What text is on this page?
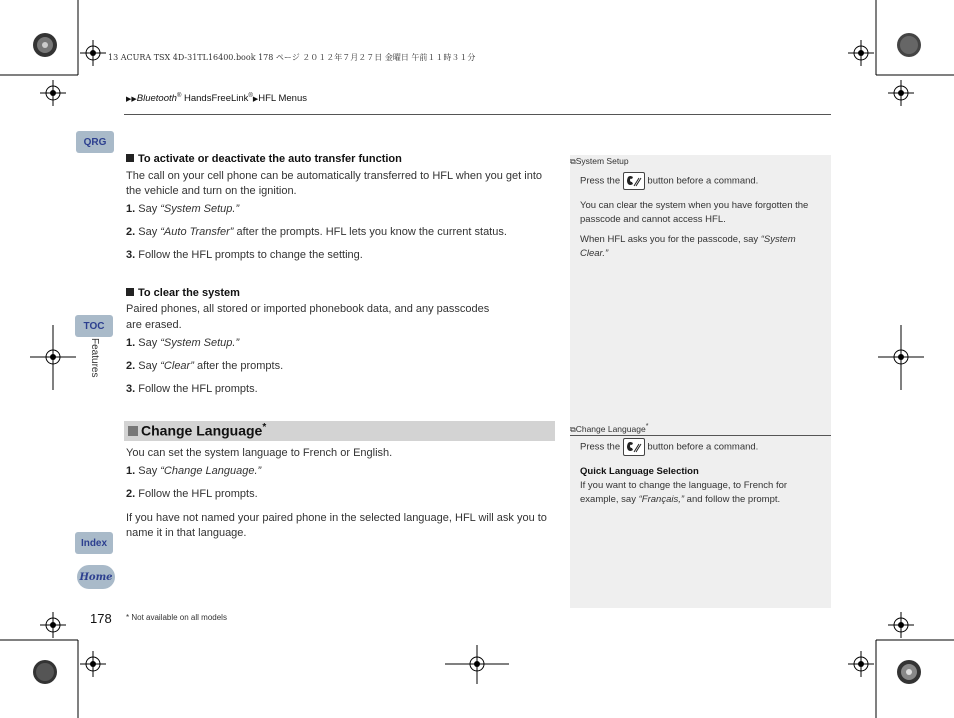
13 ACURA TSX 4D-31TL16400.book 178 ページ ２０１２年７月２７日 金曜日 午前１１時３１分
▶▶Bluetooth® HandsFreeLink®▶HFL Menus
QRG
TOC
Features
Index
Home
To activate or deactivate the auto transfer function
The call on your cell phone can be automatically transferred to HFL when you get into the vehicle and turn on the ignition.
1. Say “System Setup.”
2. Say “Auto Transfer” after the prompts. HFL lets you know the current status.
3. Follow the HFL prompts to change the setting.
To clear the system
Paired phones, all stored or imported phonebook data, and any passcodes
are erased.
1. Say “System Setup.”
2. Say “Clear” after the prompts.
3. Follow the HFL prompts.
Change Language*
You can set the system language to French or English.
1. Say “Change Language.”
2. Follow the HFL prompts.
If you have not named your paired phone in the selected language, HFL will ask you to name it in that language.
⧉System Setup
Press the  button before a command.
You can clear the system when you have forgotten the passcode and cannot access HFL.
When HFL asks you for the passcode, say “System Clear.”
⧉Change Language*
Press the  button before a command.
Quick Language Selection
If you want to change the language, to French for example, say “Français,” and follow the prompt.
178 * Not available on all models
